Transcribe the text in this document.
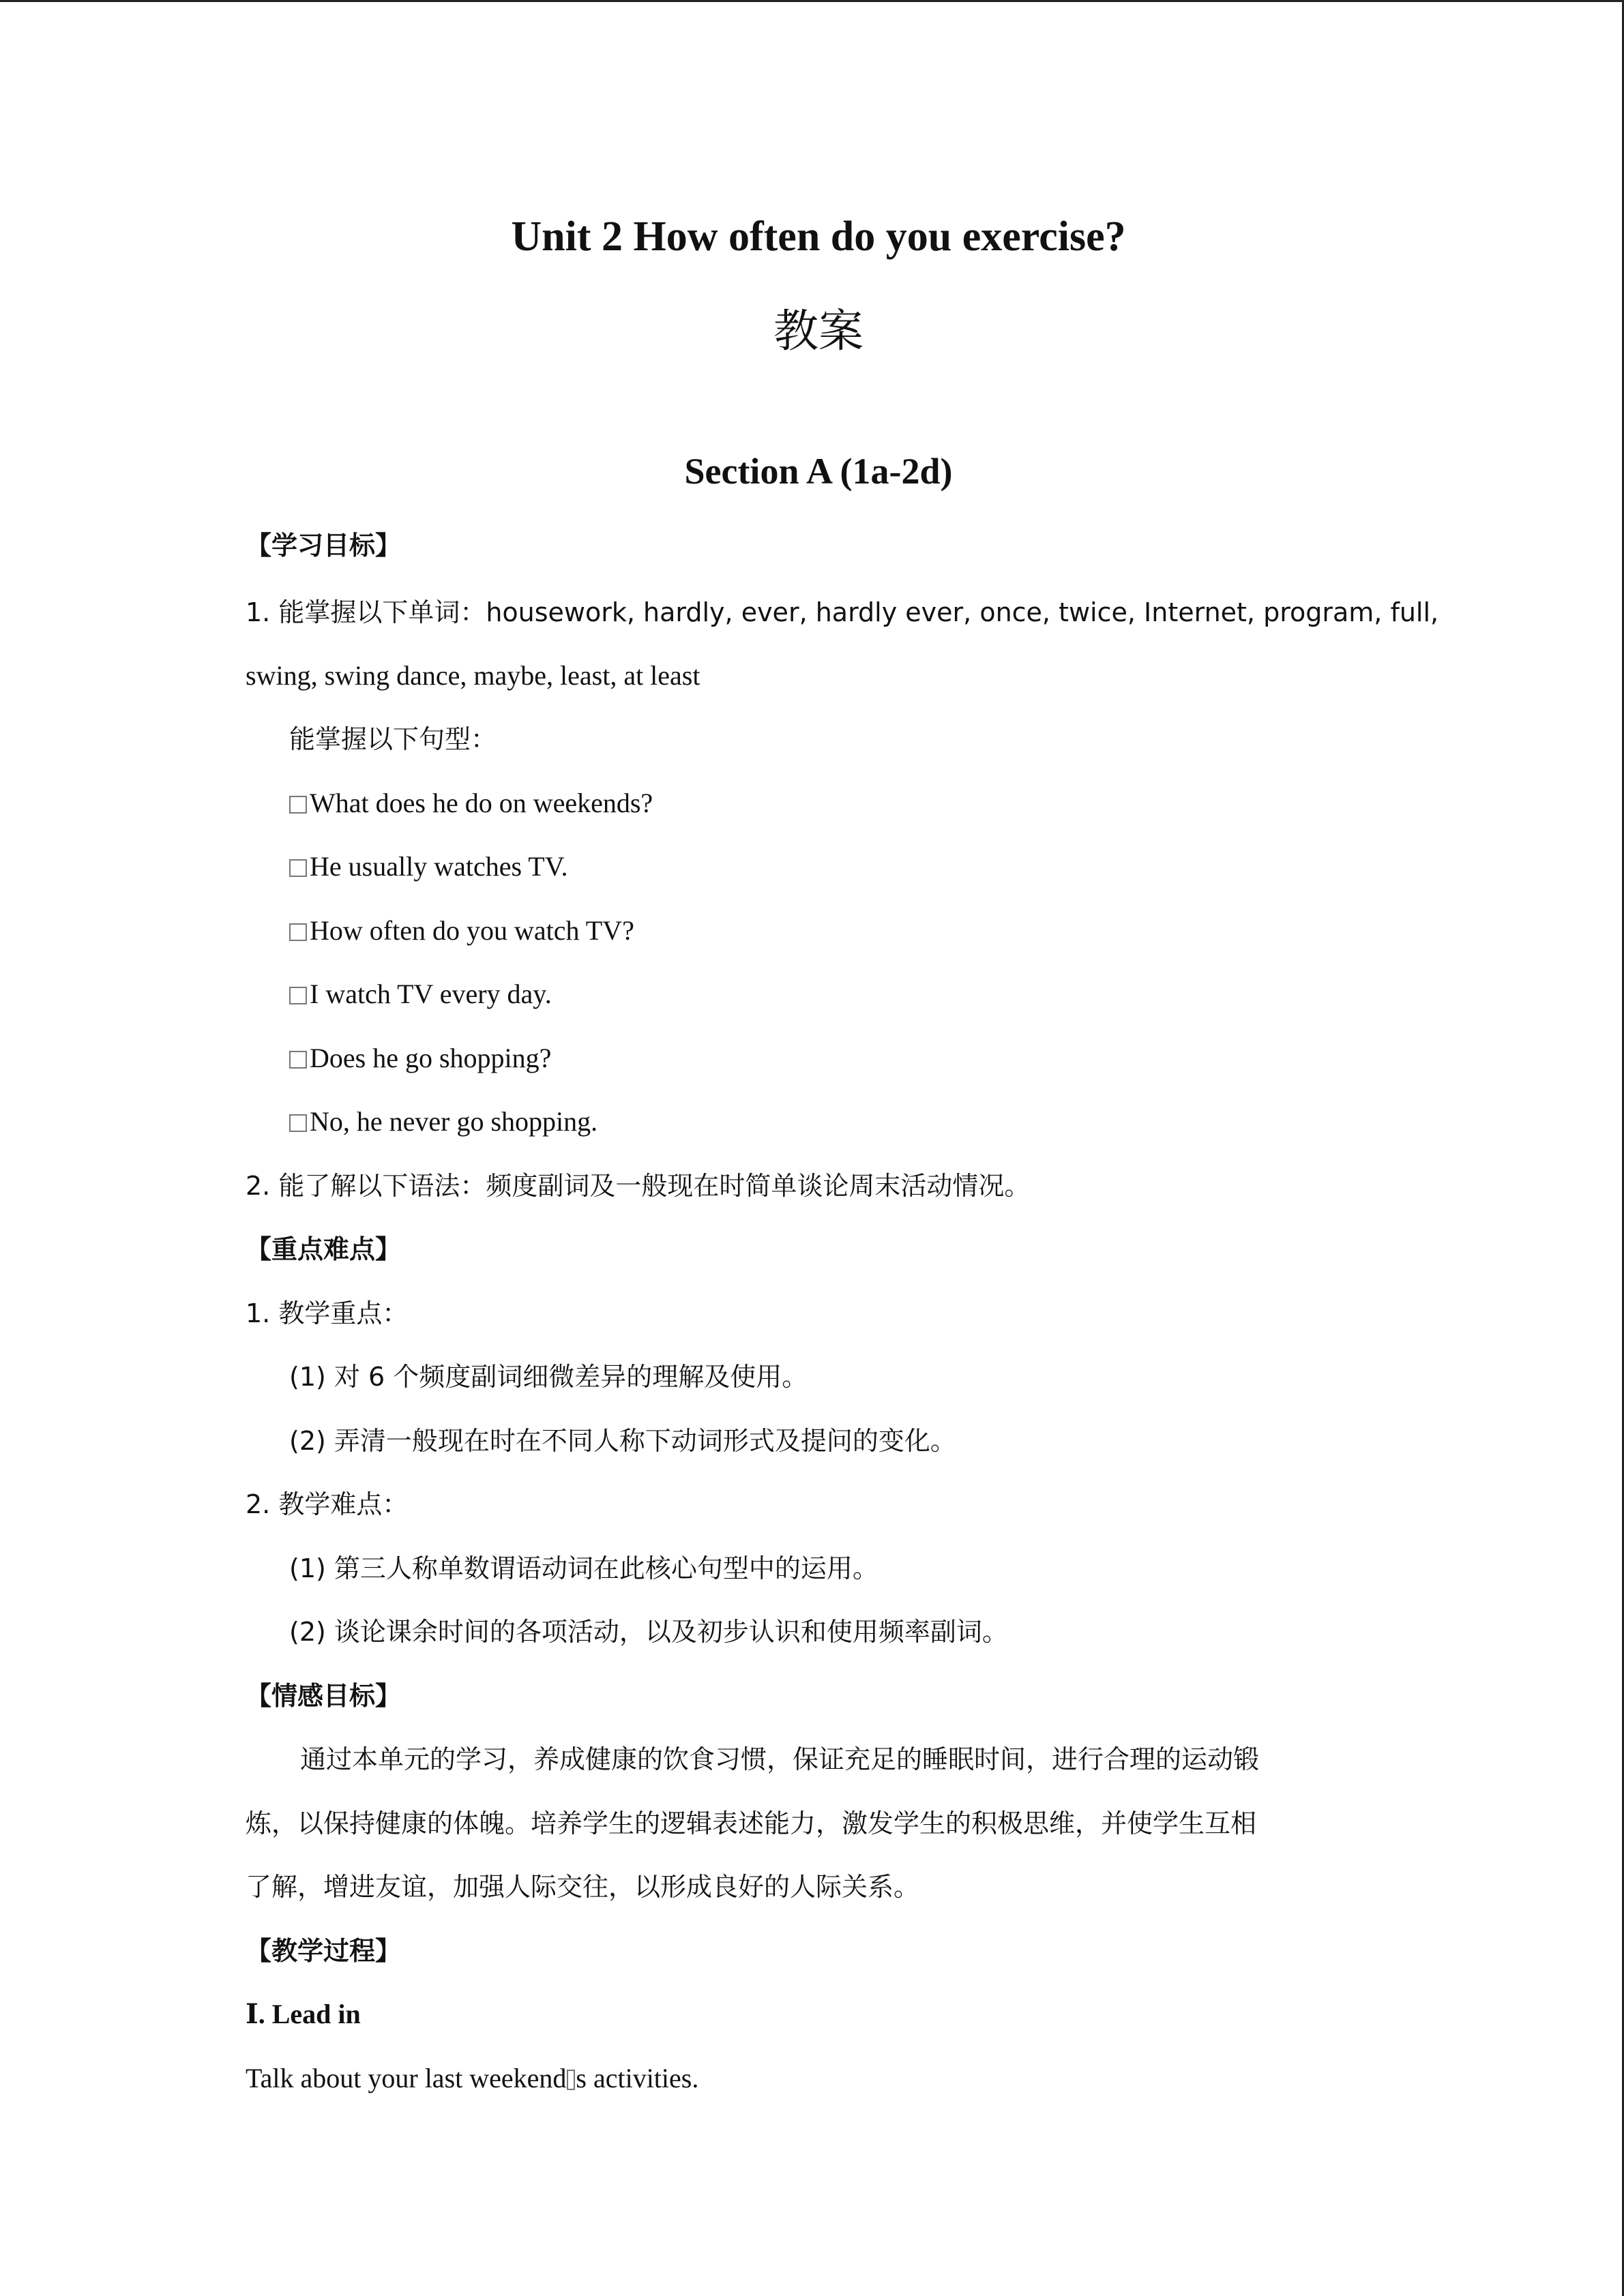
Unit 2 How often do you exercise?
教案
Section A (1a-2d)
【学习目标】
1. 能掌握以下单词：housework, hardly, ever, hardly ever, once, twice, Internet, program, full,
swing, swing dance, maybe, least, at least
能掌握以下句型：
What does he do on weekends?
He usually watches TV.
How often do you watch TV?
I watch TV every day.
Does he go shopping?
No, he never go shopping.
2. 能了解以下语法：频度副词及一般现在时简单谈论周末活动情况。
【重点难点】
1. 教学重点：
(1) 对 6 个频度副词细微差异的理解及使用。
(2) 弄清一般现在时在不同人称下动词形式及提问的变化。
2. 教学难点：
(1) 第三人称单数谓语动词在此核心句型中的运用。
(2) 谈论课余时间的各项活动，以及初步认识和使用频率副词。
【情感目标】
通过本单元的学习，养成健康的饮食习惯，保证充足的睡眠时间，进行合理的运动锻
炼，以保持健康的体魄。培养学生的逻辑表述能力，激发学生的积极思维，并使学生互相
了解，增进友谊，加强人际交往，以形成良好的人际关系。
【教学过程】
Ⅰ. Lead in
Talk about your last weekend s activities.
